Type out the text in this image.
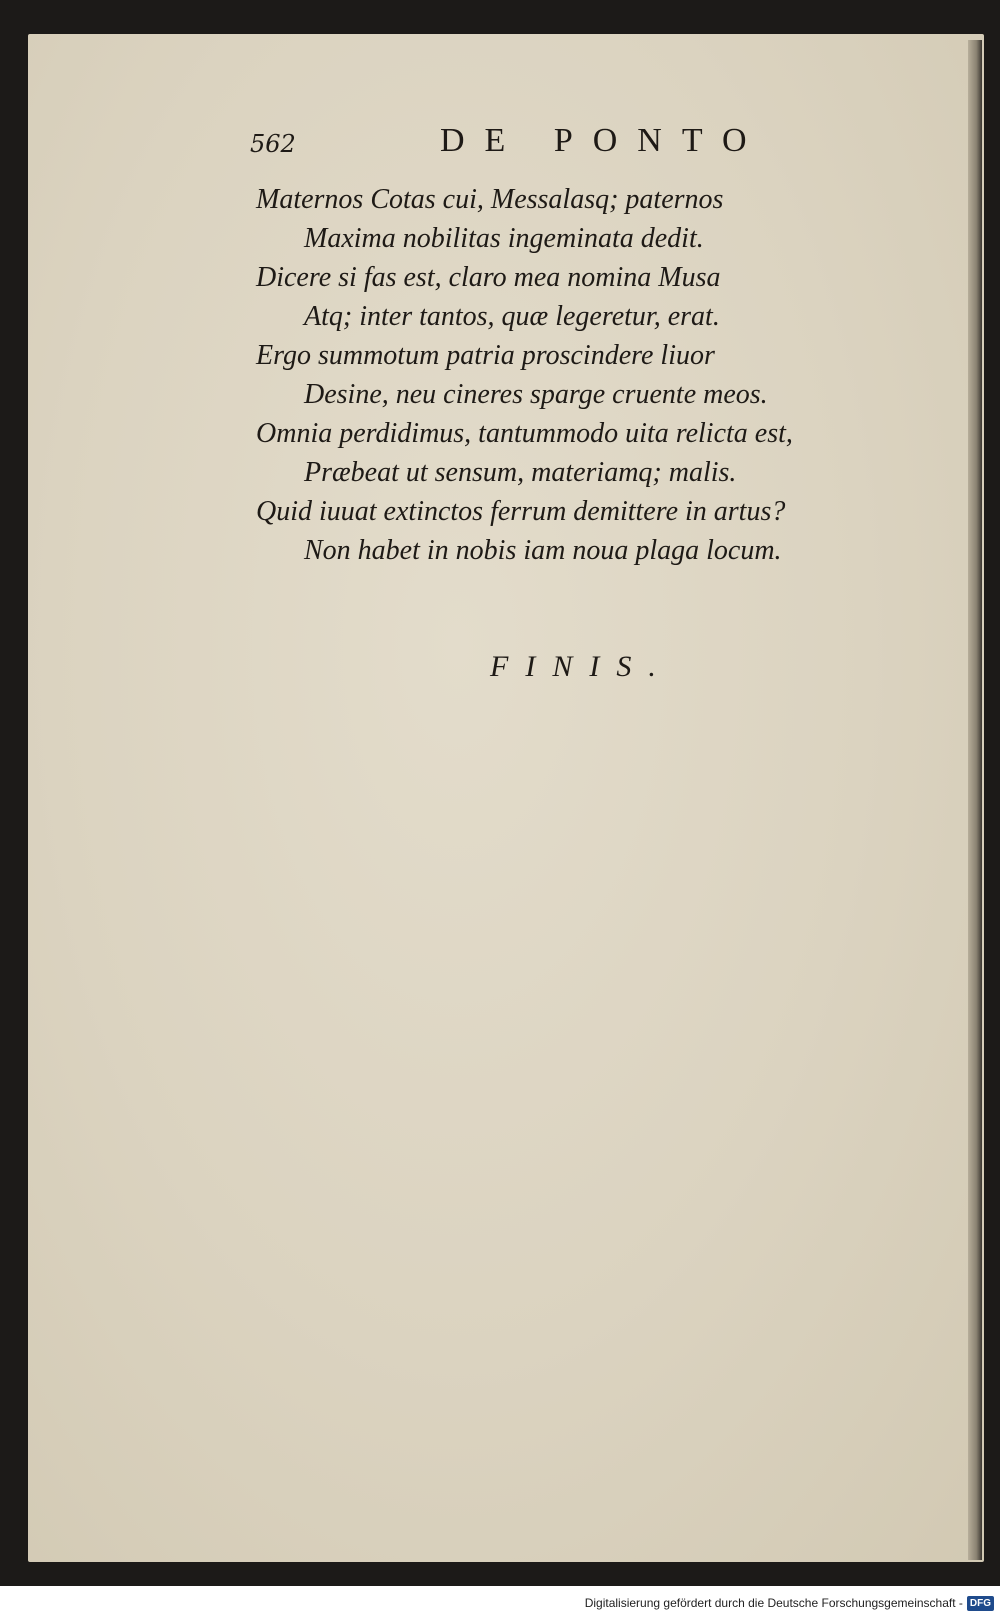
562	DE PONTO
Maternos Cotas cui, Messalasq; paternos
Maxima nobilitas ingeminata dedit.
Dicere si fas est, claro mea nomina Musa
Atq; inter tantos, quæ legeretur, erat.
Ergo summotum patria proscindere liuor
Desine, neu cineres sparge cruente meos.
Omnia perdidimus, tantummodo uita relicta est,
Præbeat ut sensum, materiamq; malis.
Quid iuuat extinctos ferrum demittere in artus?
Non habet in nobis iam noua plaga locum.
FINIS.
Digitalisierung gefördert durch die Deutsche Forschungsgemeinschaft - DFG
